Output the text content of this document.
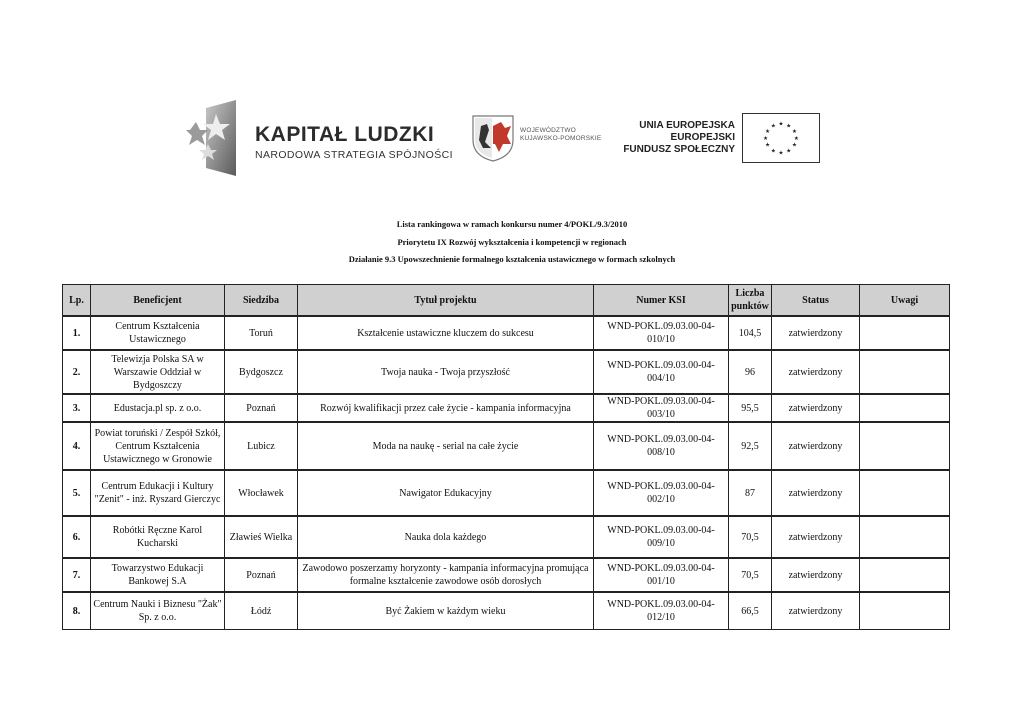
KAPITAŁ LUDZKI
NARODOWA STRATEGIA SPÓJNOŚCI
WOJEWÓDZTWO
KUJAWSKO-POMORSKIE
UNIA EUROPEJSKA
EUROPEJSKI
FUNDUSZ SPOŁECZNY
★ ★
★
★
★
★
★
★
★
★
★
★
Lista rankingowa w ramach konkursu numer 4/POKL/9.3/2010
Priorytetu IX Rozwój wykształcenia i kompetencji w regionach
Działanie 9.3 Upowszechnienie formalnego kształcenia ustawicznego w formach szkolnych
Lp.	Beneficjent	Siedziba	Tytuł projektu	Numer KSI	Liczba punktów	Status	Uwagi
1.	Centrum Kształcenia Ustawicznego	Toruń	Kształcenie ustawiczne kluczem do sukcesu	WND-POKL.09.03.00-04-010/10	104,5	zatwierdzony	
2.	Telewizja Polska SA w Warszawie Oddział w Bydgoszczy	Bydgoszcz	Twoja nauka - Twoja przyszłość	WND-POKL.09.03.00-04-004/10	96	zatwierdzony	
3.	Edustacja.pl sp. z o.o.	Poznań	Rozwój kwalifikacji przez całe życie - kampania informacyjna	WND-POKL.09.03.00-04-003/10	95,5	zatwierdzony	
4.	Powiat toruński / Zespół Szkół, Centrum Kształcenia Ustawicznego w Gronowie	Lubicz	Moda na naukę - serial na całe życie	WND-POKL.09.03.00-04-008/10	92,5	zatwierdzony	
5.	Centrum Edukacji i Kultury "Zenit" - inż. Ryszard Gierczyc	Włocławek	Nawigator Edukacyjny	WND-POKL.09.03.00-04-002/10	87	zatwierdzony	
6.	Robótki Ręczne Karol Kucharski	Zławieś Wielka	Nauka dola każdego	WND-POKL.09.03.00-04-009/10	70,5	zatwierdzony	
7.	Towarzystwo Edukacji Bankowej S.A	Poznań	Zawodowo poszerzamy horyzonty - kampania informacyjna promująca formalne kształcenie zawodowe osób dorosłych	WND-POKL.09.03.00-04-001/10	70,5	zatwierdzony	
8.	Centrum Nauki i Biznesu "Żak" Sp. z o.o.	Łódź	Być Żakiem w każdym wieku	WND-POKL.09.03.00-04-012/10	66,5	zatwierdzony	
